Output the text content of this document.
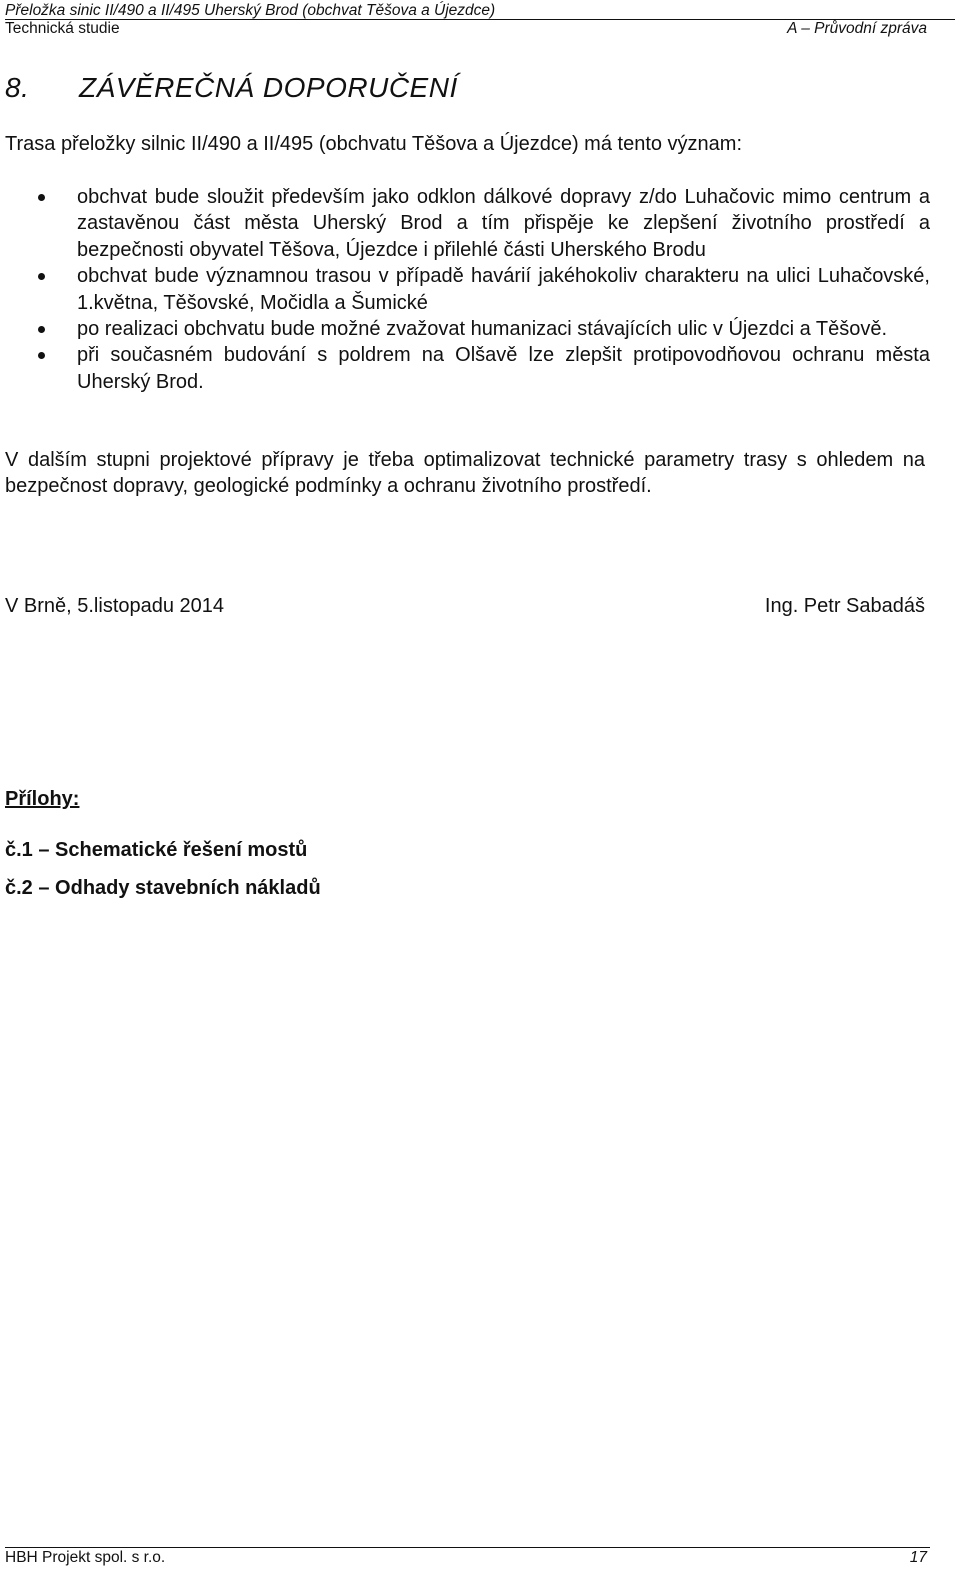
Přeložka sinic II/490 a II/495 Uherský Brod (obchvat Těšova a Újezdce)
Technická studie	A – Průvodní zpráva
8. ZÁVĚREČNÁ DOPORUČENÍ

Trasa přeložky silnic II/490 a II/495 (obchvatu Těšova a Újezdce) má tento význam:

obchvat bude sloužit především jako odklon dálkové dopravy z/do Luhačovic mimo centrum a zastavěnou část města Uherský Brod a tím přispěje ke zlepšení životního prostředí a bezpečnosti obyvatel Těšova, Újezdce i přilehlé části Uherského Brodu
obchvat bude významnou trasou v případě havárií jakéhokoliv charakteru na ulici Luhačovské, 1.května, Těšovské, Močidla a Šumické
po realizaci obchvatu bude možné zvažovat humanizaci stávajících ulic v Újezdci a Těšově.
při současném budování s poldrem na Olšavě lze zlepšit protipovodňovou ochranu města Uherský Brod.

V dalším stupni projektové přípravy je třeba optimalizovat technické parametry trasy s ohledem na bezpečnost dopravy, geologické podmínky a ochranu životního prostředí.

V Brně, 5.listopadu 2014	Ing. Petr Sabadáš
Přílohy:
č.1 – Schematické řešení mostů
č.2 – Odhady stavebních nákladů
HBH Projekt spol. s r.o.	17
